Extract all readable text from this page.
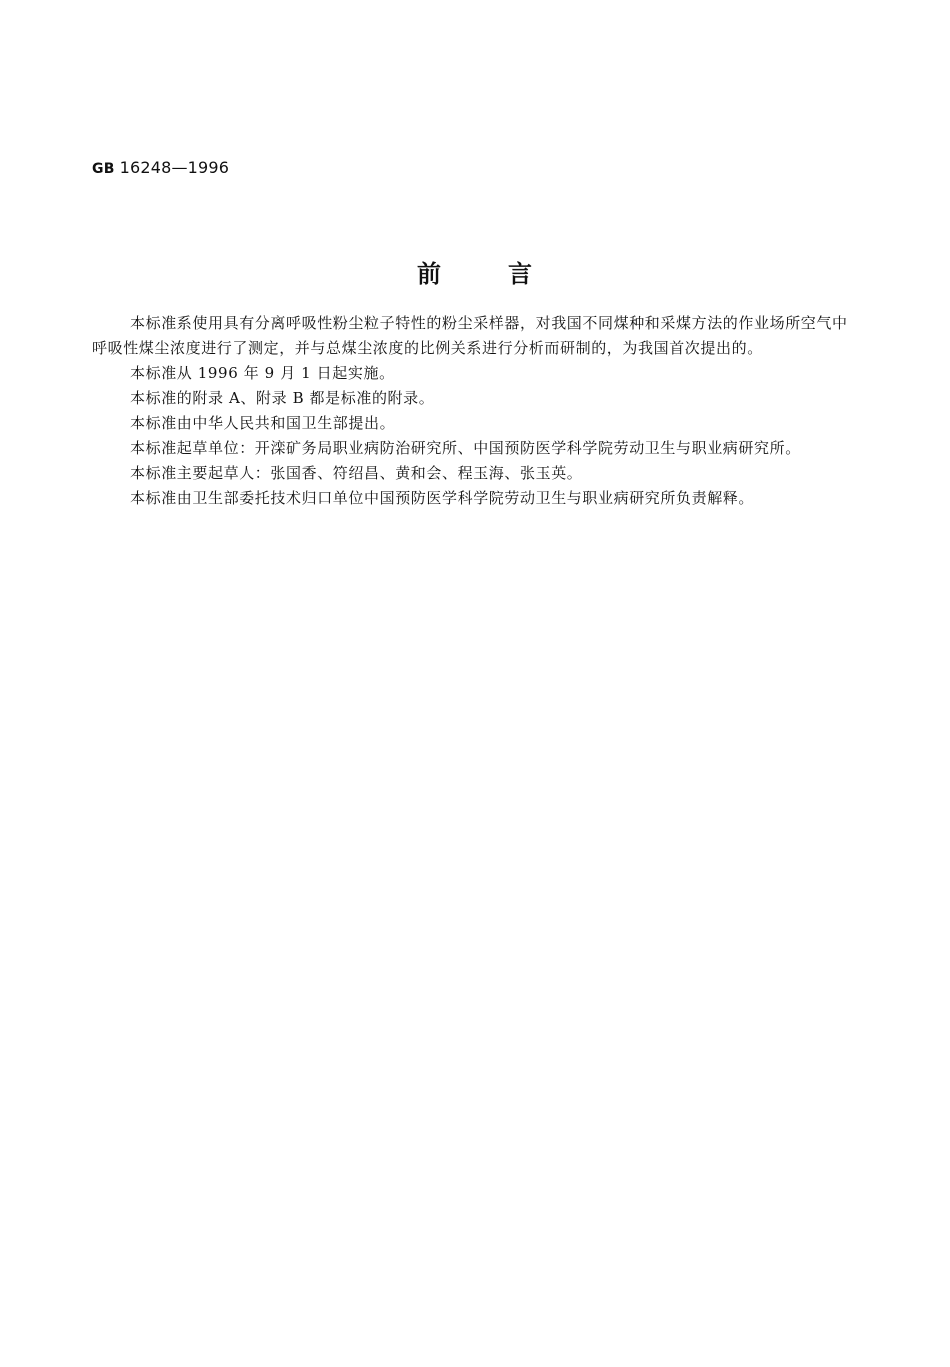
GB 16248—1996
前	言

本标准系使用具有分离呼吸性粉尘粒子特性的粉尘采样器，对我国不同煤种和采煤方法的作业场所空气中呼吸性煤尘浓度进行了测定，并与总煤尘浓度的比例关系进行分析而研制的，为我国首次提出的。

本标准从 1996 年 9 月 1 日起实施。

本标准的附录 A、附录 B 都是标准的附录。

本标准由中华人民共和国卫生部提出。

本标准起草单位：开滦矿务局职业病防治研究所、中国预防医学科学院劳动卫生与职业病研究所。

本标准主要起草人：张国香、符绍昌、黄和会、程玉海、张玉英。

本标准由卫生部委托技术归口单位中国预防医学科学院劳动卫生与职业病研究所负责解释。
